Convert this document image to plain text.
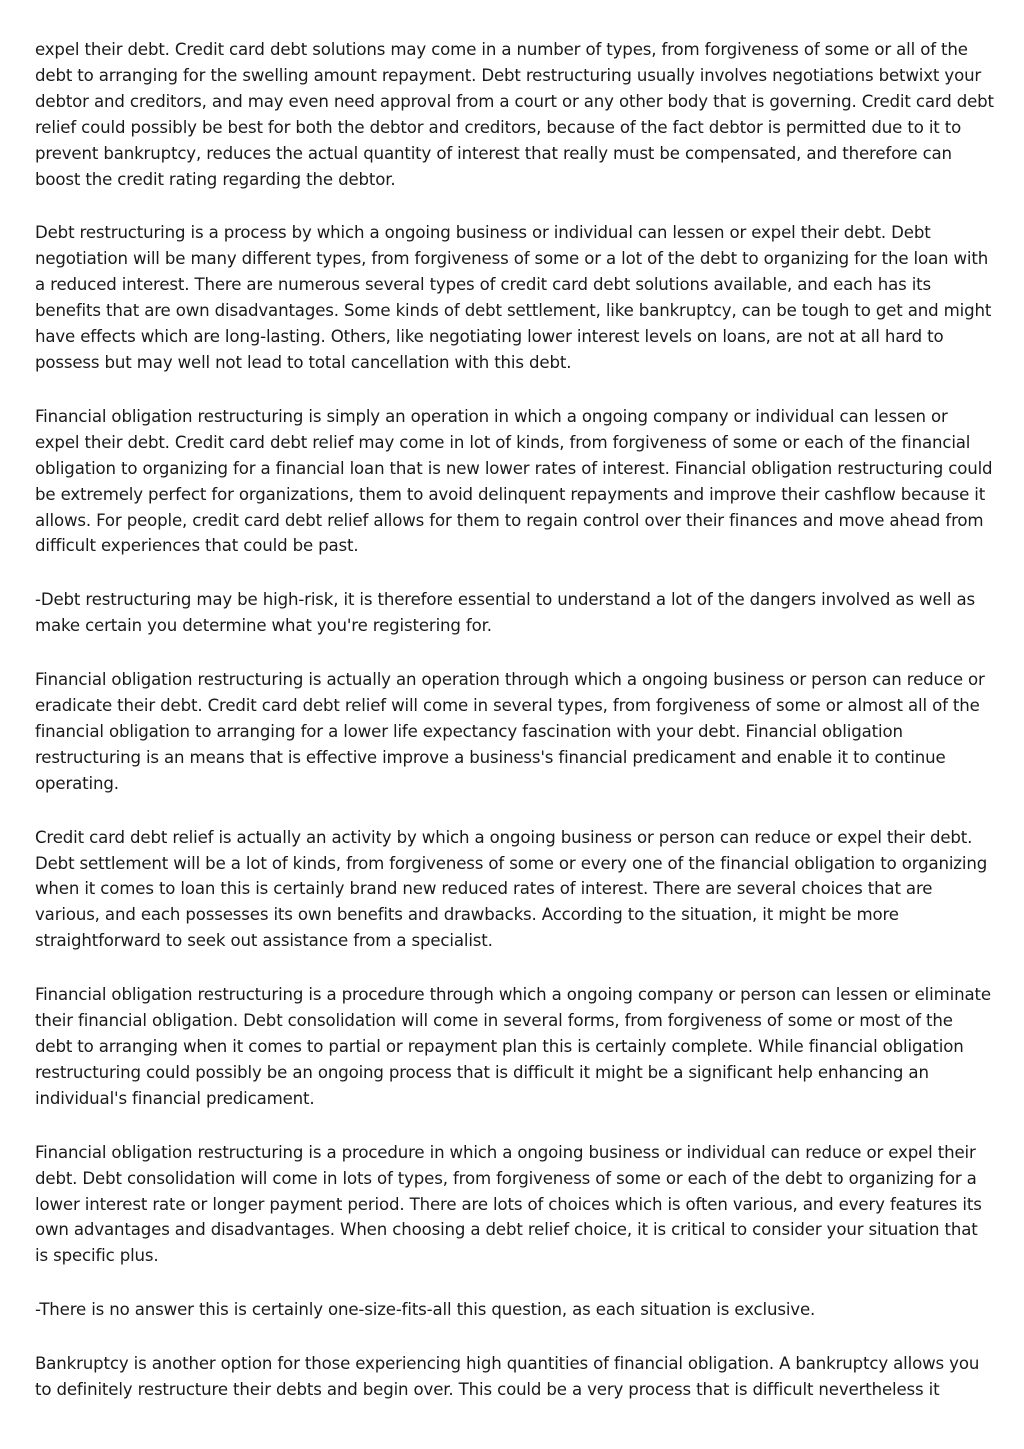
expel their debt. Credit card debt solutions may come in a number of types, from forgiveness of some or all of the debt to arranging for the swelling amount repayment. Debt restructuring usually involves negotiations betwixt your debtor and creditors, and may even need approval from a court or any other body that is governing. Credit card debt relief could possibly be best for both the debtor and creditors, because of the fact debtor is permitted due to it to prevent bankruptcy, reduces the actual quantity of interest that really must be compensated, and therefore can boost the credit rating regarding the debtor.

Debt restructuring is a process by which a ongoing business or individual can lessen or expel their debt. Debt negotiation will be many different types, from forgiveness of some or a lot of the debt to organizing for the loan with a reduced interest. There are numerous several types of credit card debt solutions available, and each has its benefits that are own disadvantages. Some kinds of debt settlement, like bankruptcy, can be tough to get and might have effects which are long-lasting. Others, like negotiating lower interest levels on loans, are not at all hard to possess but may well not lead to total cancellation with this debt.

Financial obligation restructuring is simply an operation in which a ongoing company or individual can lessen or expel their debt. Credit card debt relief may come in lot of kinds, from forgiveness of some or each of the financial obligation to organizing for a financial loan that is new lower rates of interest. Financial obligation restructuring could be extremely perfect for organizations, them to avoid delinquent repayments and improve their cashflow because it allows. For people, credit card debt relief allows for them to regain control over their finances and move ahead from difficult experiences that could be past.

-Debt restructuring may be high-risk, it is therefore essential to understand a lot of the dangers involved as well as make certain you determine what you're registering for.

Financial obligation restructuring is actually an operation through which a ongoing business or person can reduce or eradicate their debt. Credit card debt relief will come in several types, from forgiveness of some or almost all of the financial obligation to arranging for a lower life expectancy fascination with your debt. Financial obligation restructuring is an means that is effective improve a business's financial predicament and enable it to continue operating.

Credit card debt relief is actually an activity by which a ongoing business or person can reduce or expel their debt. Debt settlement will be a lot of kinds, from forgiveness of some or every one of the financial obligation to organizing when it comes to loan this is certainly brand new reduced rates of interest. There are several choices that are various, and each possesses its own benefits and drawbacks. According to the situation, it might be more straightforward to seek out assistance from a specialist.

Financial obligation restructuring is a procedure through which a ongoing company or person can lessen or eliminate their financial obligation. Debt consolidation will come in several forms, from forgiveness of some or most of the debt to arranging when it comes to partial or repayment plan this is certainly complete. While financial obligation restructuring could possibly be an ongoing process that is difficult it might be a significant help enhancing an individual's financial predicament.

Financial obligation restructuring is a procedure in which a ongoing business or individual can reduce or expel their debt. Debt consolidation will come in lots of types, from forgiveness of some or each of the debt to organizing for a lower interest rate or longer payment period. There are lots of choices which is often various, and every features its own advantages and disadvantages. When choosing a debt relief choice, it is critical to consider your situation that is specific plus.

-There is no answer this is certainly one-size-fits-all this question, as each situation is exclusive.

Bankruptcy is another option for those experiencing high quantities of financial obligation. A bankruptcy allows you to definitely restructure their debts and begin over. This could be a very process that is difficult nevertheless it
